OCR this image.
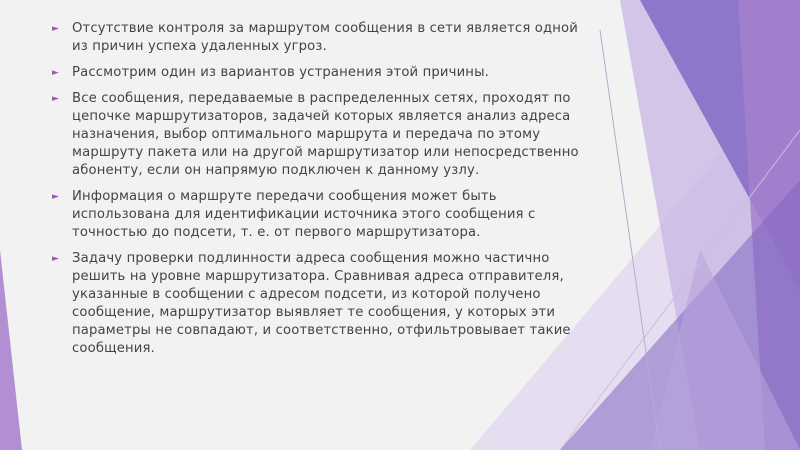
► Отсутствие контроля за маршрутом сообщения в сети является одной из причин успеха удаленных угроз.
► Рассмотрим один из вариантов устранения этой причины.
► Все сообщения, передаваемые в распределенных сетях, проходят по цепочке маршрутизаторов, задачей которых является анализ адреса назначения, выбор оптимального маршрута и передача по этому маршруту пакета или на другой маршрутизатор или непосредственно абоненту, если он напрямую подключен к данному узлу.
► Информация о маршруте передачи сообщения может быть использована для идентификации источника этого сообщения с точностью до подсети, т. е. от первого маршрутизатора.
► Задачу проверки подлинности адреса сообщения можно частично решить на уровне маршрутизатора. Сравнивая адреса отправителя, указанные в сообщении с адресом подсети, из которой получено сообщение, маршрутизатор выявляет те сообщения, у которых эти параметры не совпадают, и соответственно, отфильтровывает такие сообщения.
